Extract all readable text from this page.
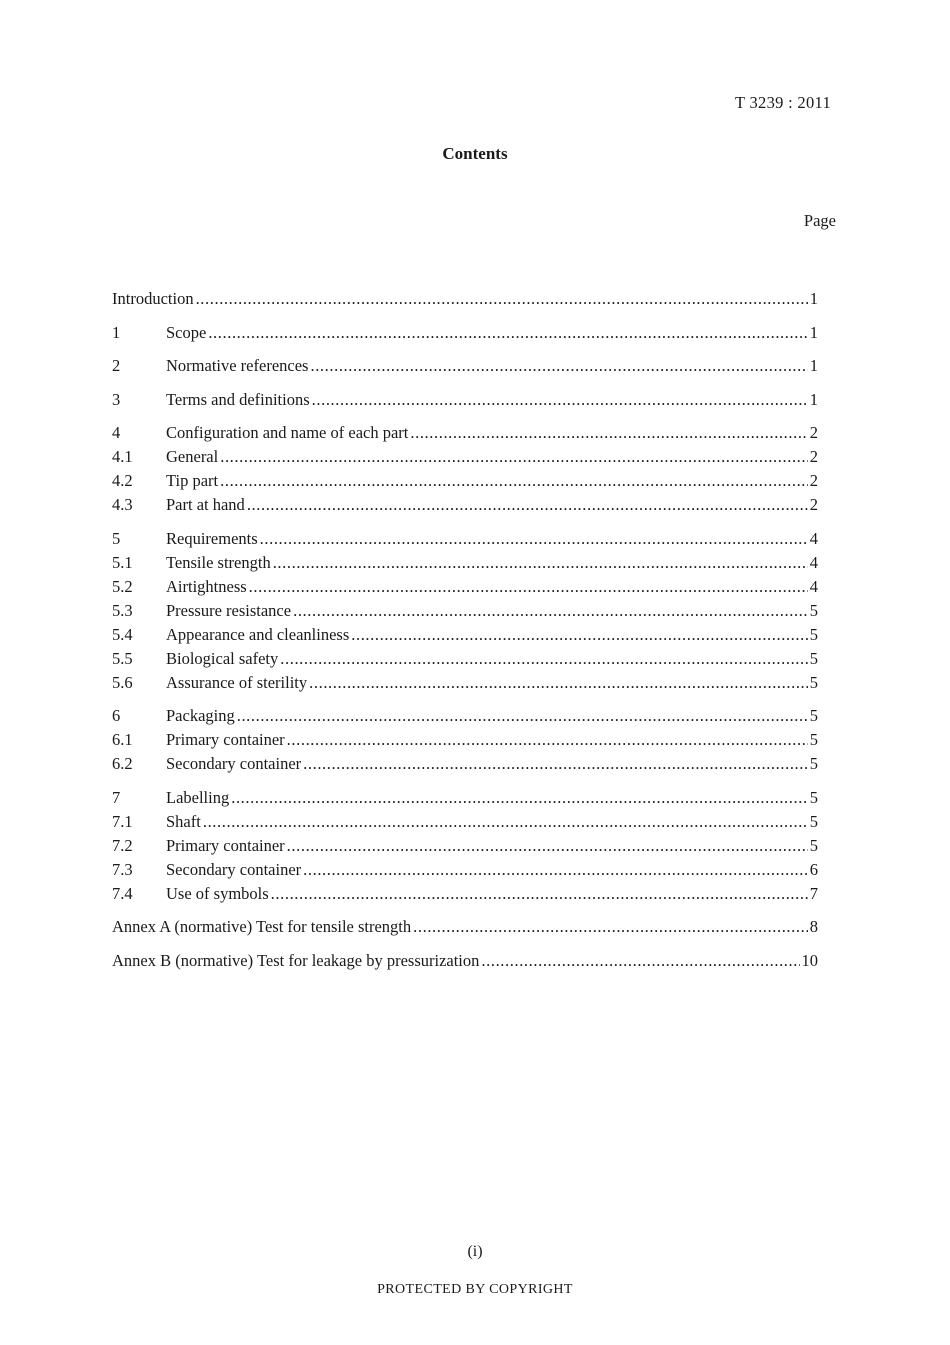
T 3239 : 2011
Contents
Page
Introduction .....	1
1	Scope .....	1
2	Normative references .....	1
3	Terms and definitions .....	1
4	Configuration and name of each part .....	2
4.1	General .....	2
4.2	Tip part .....	2
4.3	Part at hand .....	2
5	Requirements .....	4
5.1	Tensile strength .....	4
5.2	Airtightness .....	4
5.3	Pressure resistance .....	5
5.4	Appearance and cleanliness .....	5
5.5	Biological safety .....	5
5.6	Assurance of sterility .....	5
6	Packaging .....	5
6.1	Primary container .....	5
6.2	Secondary container .....	5
7	Labelling .....	5
7.1	Shaft .....	5
7.2	Primary container .....	5
7.3	Secondary container .....	6
7.4	Use of symbols .....	7
Annex A (normative) Test for tensile strength .....	8
Annex B (normative) Test for leakage by pressurization .....	10
(i)
PROTECTED BY COPYRIGHT
